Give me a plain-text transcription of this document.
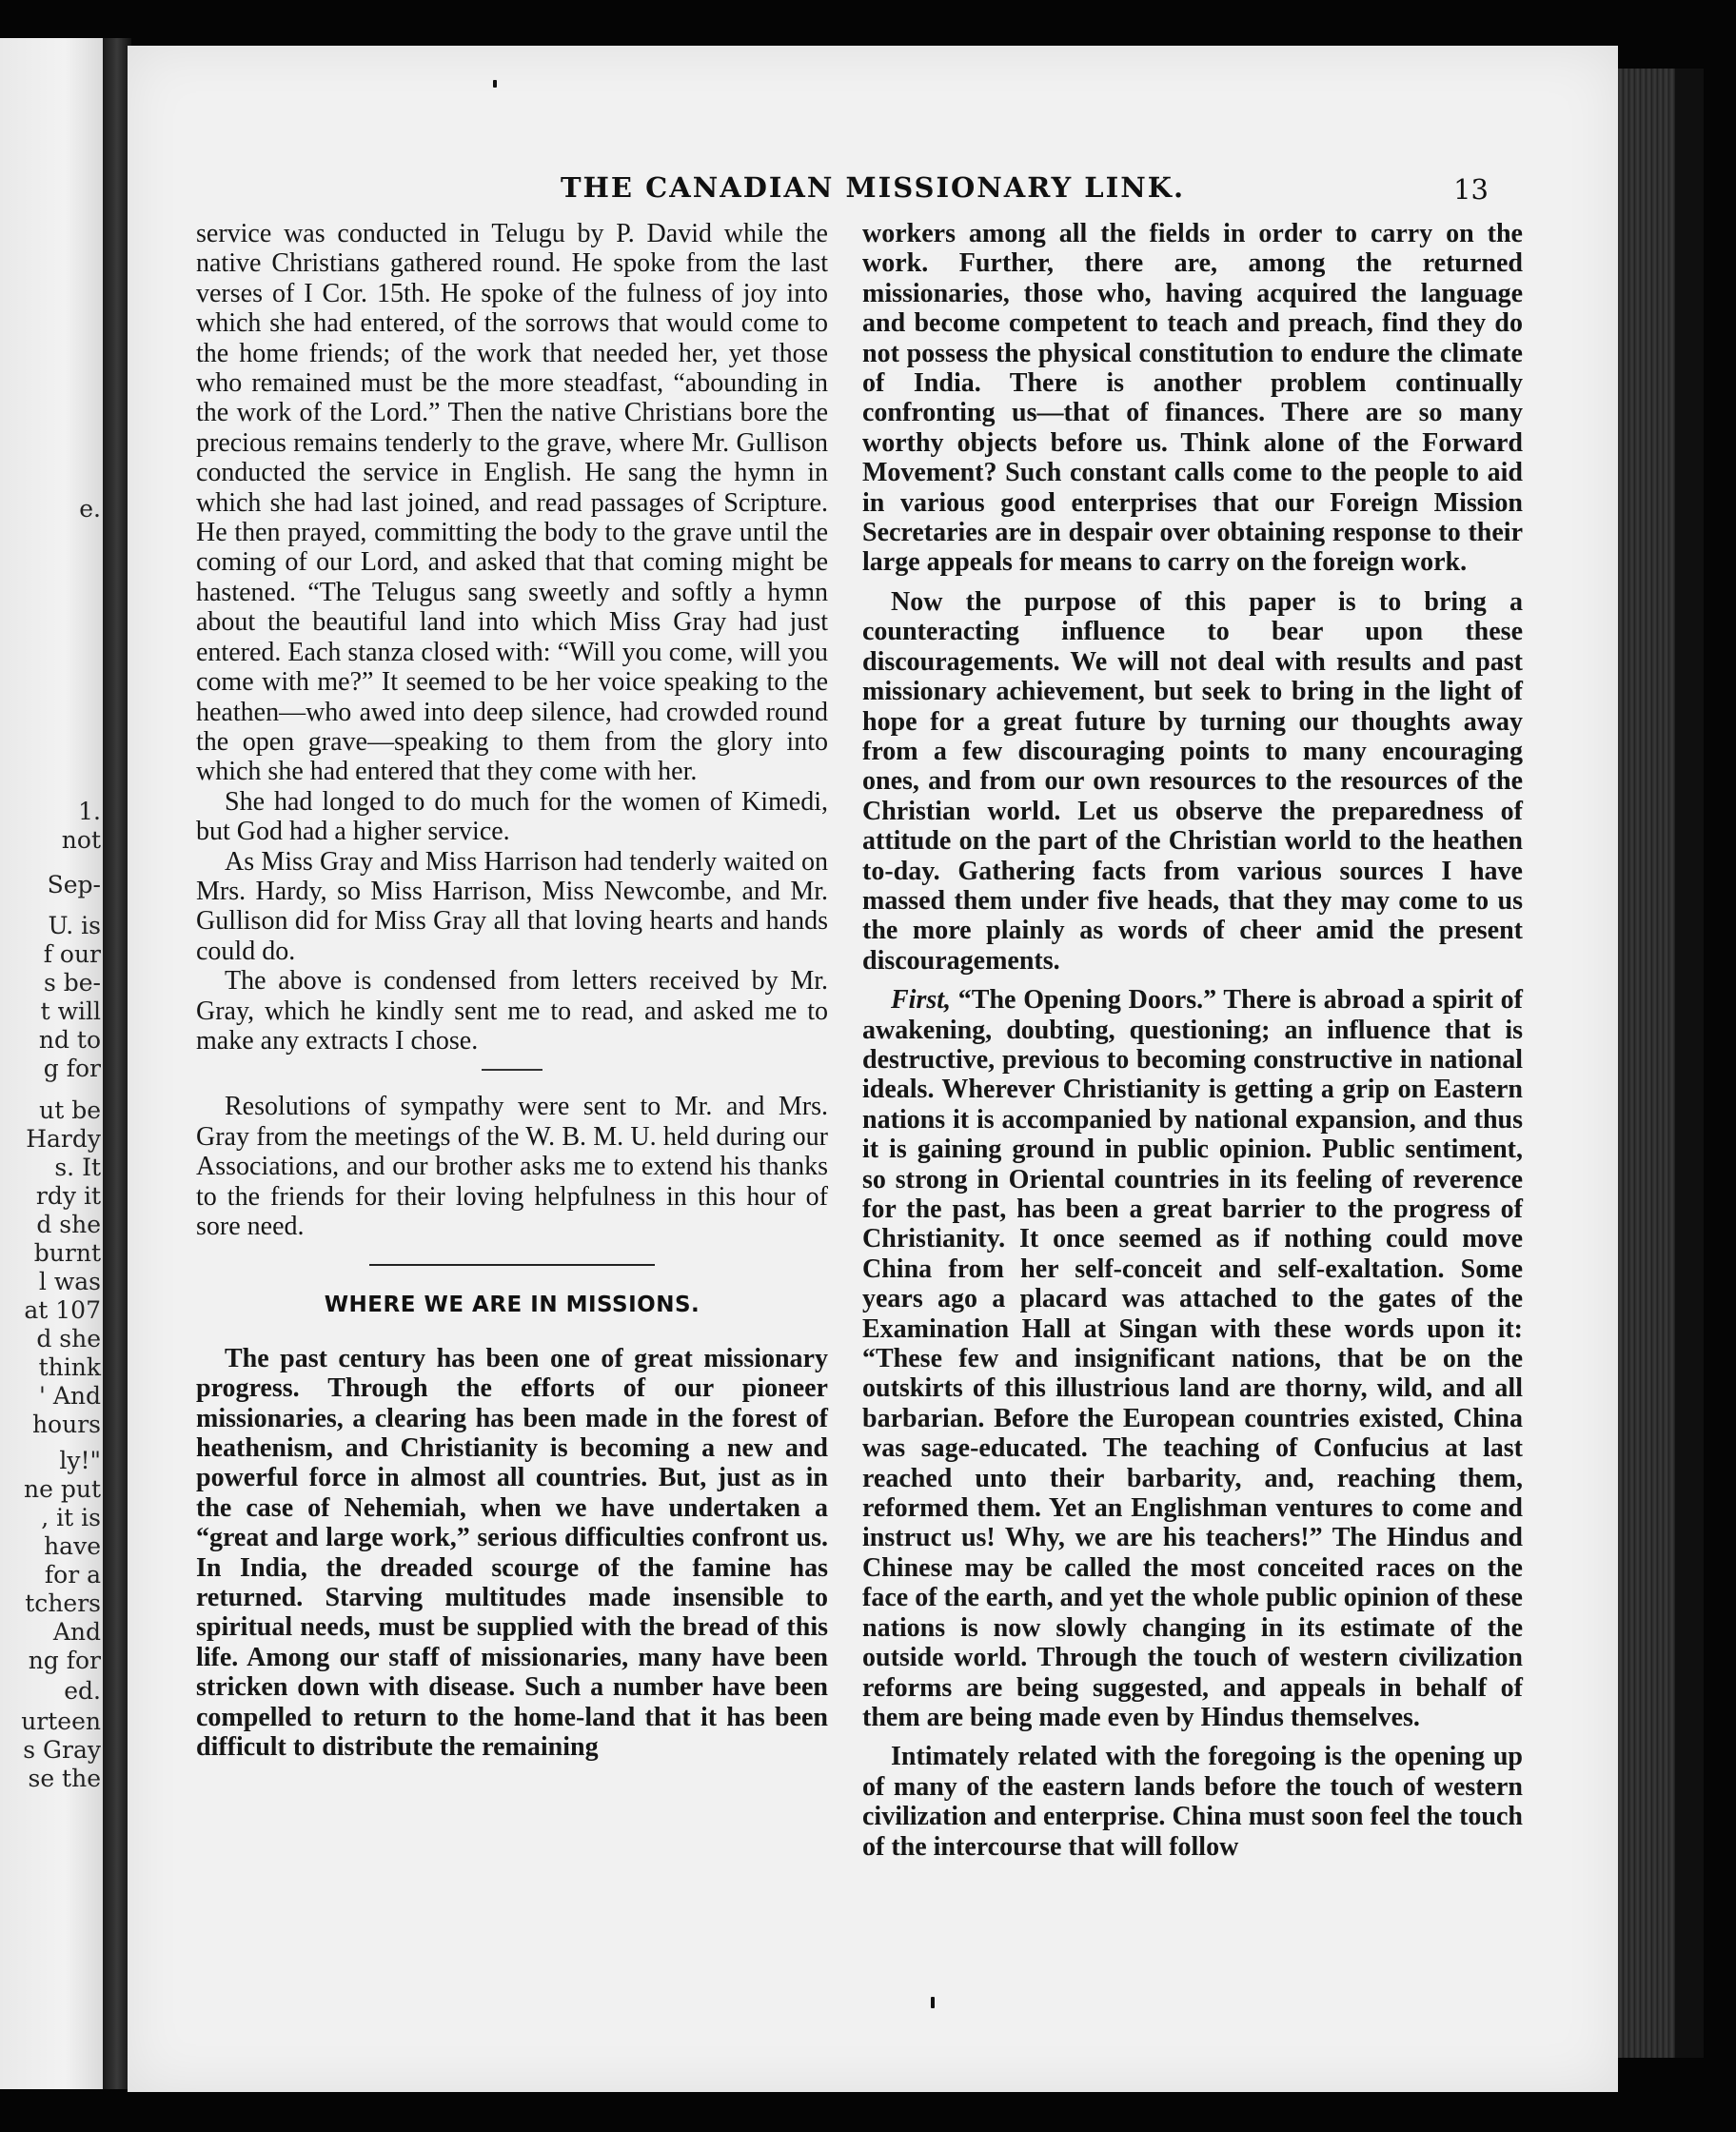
e.
1.
not
Sep-
U. is
f our
s be-
t will
nd to
g for
ut be
Hardy
s. It
rdy it
d she
burnt
l was
at 107
d she
think
' And
hours
ly!"
ne put
, it is
have
for a
tchers
And
ng for
ed.
urteen
s Gray
se the
THE CANADIAN MISSIONARY LINK.	13

service was conducted in Telugu by P. David while the native Christians gathered round. He spoke from the last verses of I Cor. 15th. He spoke of the fulness of joy into which she had entered, of the sorrows that would come to the home friends; of the work that needed her, yet those who remained must be the more steadfast, “abounding in the work of the Lord.” Then the native Christians bore the precious remains tenderly to the grave, where Mr. Gullison conducted the service in English. He sang the hymn in which she had last joined, and read passages of Scripture. He then prayed, committing the body to the grave until the coming of our Lord, and asked that that coming might be hastened. “The Telugus sang sweetly and softly a hymn about the beautiful land into which Miss Gray had just entered. Each stanza closed with: “Will you come, will you come with me?” It seemed to be her voice speaking to the heathen—who awed into deep silence, had crowded round the open grave—speaking to them from the glory into which she had entered that they come with her.

She had longed to do much for the women of Kimedi, but God had a higher service.

As Miss Gray and Miss Harrison had tenderly waited on Mrs. Hardy, so Miss Harrison, Miss Newcombe, and Mr. Gullison did for Miss Gray all that loving hearts and hands could do.

The above is condensed from letters received by Mr. Gray, which he kindly sent me to read, and asked me to make any extracts I chose.

Resolutions of sympathy were sent to Mr. and Mrs. Gray from the meetings of the W. B. M. U. held during our Associations, and our brother asks me to extend his thanks to the friends for their loving helpfulness in this hour of sore need.

WHERE WE ARE IN MISSIONS.

The past century has been one of great missionary progress. Through the efforts of our pioneer missionaries, a clearing has been made in the forest of heathenism, and Christianity is becoming a new and powerful force in almost all countries. But, just as in the case of Nehemiah, when we have undertaken a “great and large work,” serious difficulties confront us. In India, the dreaded scourge of the famine has returned. Starving multitudes made insensible to spiritual needs, must be supplied with the bread of this life. Among our staff of missionaries, many have been stricken down with disease. Such a number have been compelled to return to the home-land that it has been difficult to distribute the remaining

workers among all the fields in order to carry on the work. Further, there are, among the returned missionaries, those who, having acquired the language and become competent to teach and preach, find they do not possess the physical constitution to endure the climate of India. There is another problem continually confronting us—that of finances. There are so many worthy objects before us. Think alone of the Forward Movement? Such constant calls come to the people to aid in various good enterprises that our Foreign Mission Secretaries are in despair over obtaining response to their large appeals for means to carry on the foreign work.

Now the purpose of this paper is to bring a counteracting influence to bear upon these discouragements. We will not deal with results and past missionary achievement, but seek to bring in the light of hope for a great future by turning our thoughts away from a few discouraging points to many encouraging ones, and from our own resources to the resources of the Christian world. Let us observe the preparedness of attitude on the part of the Christian world to the heathen to-day. Gathering facts from various sources I have massed them under five heads, that they may come to us the more plainly as words of cheer amid the present discouragements.

First, “The Opening Doors.” There is abroad a spirit of awakening, doubting, questioning; an influence that is destructive, previous to becoming constructive in national ideals. Wherever Christianity is getting a grip on Eastern nations it is accompanied by national expansion, and thus it is gaining ground in public opinion. Public sentiment, so strong in Oriental countries in its feeling of reverence for the past, has been a great barrier to the progress of Christianity. It once seemed as if nothing could move China from her self-conceit and self-exaltation. Some years ago a placard was attached to the gates of the Examination Hall at Singan with these words upon it: “These few and insignificant nations, that be on the outskirts of this illustrious land are thorny, wild, and all barbarian. Before the European countries existed, China was sage-educated. The teaching of Confucius at last reached unto their barbarity, and, reaching them, reformed them. Yet an Englishman ventures to come and instruct us! Why, we are his teachers!” The Hindus and Chinese may be called the most conceited races on the face of the earth, and yet the whole public opinion of these nations is now slowly changing in its estimate of the outside world. Through the touch of western civilization reforms are being suggested, and appeals in behalf of them are being made even by Hindus themselves.

Intimately related with the foregoing is the opening up of many of the eastern lands before the touch of western civilization and enterprise. China must soon feel the touch of the intercourse that will follow
